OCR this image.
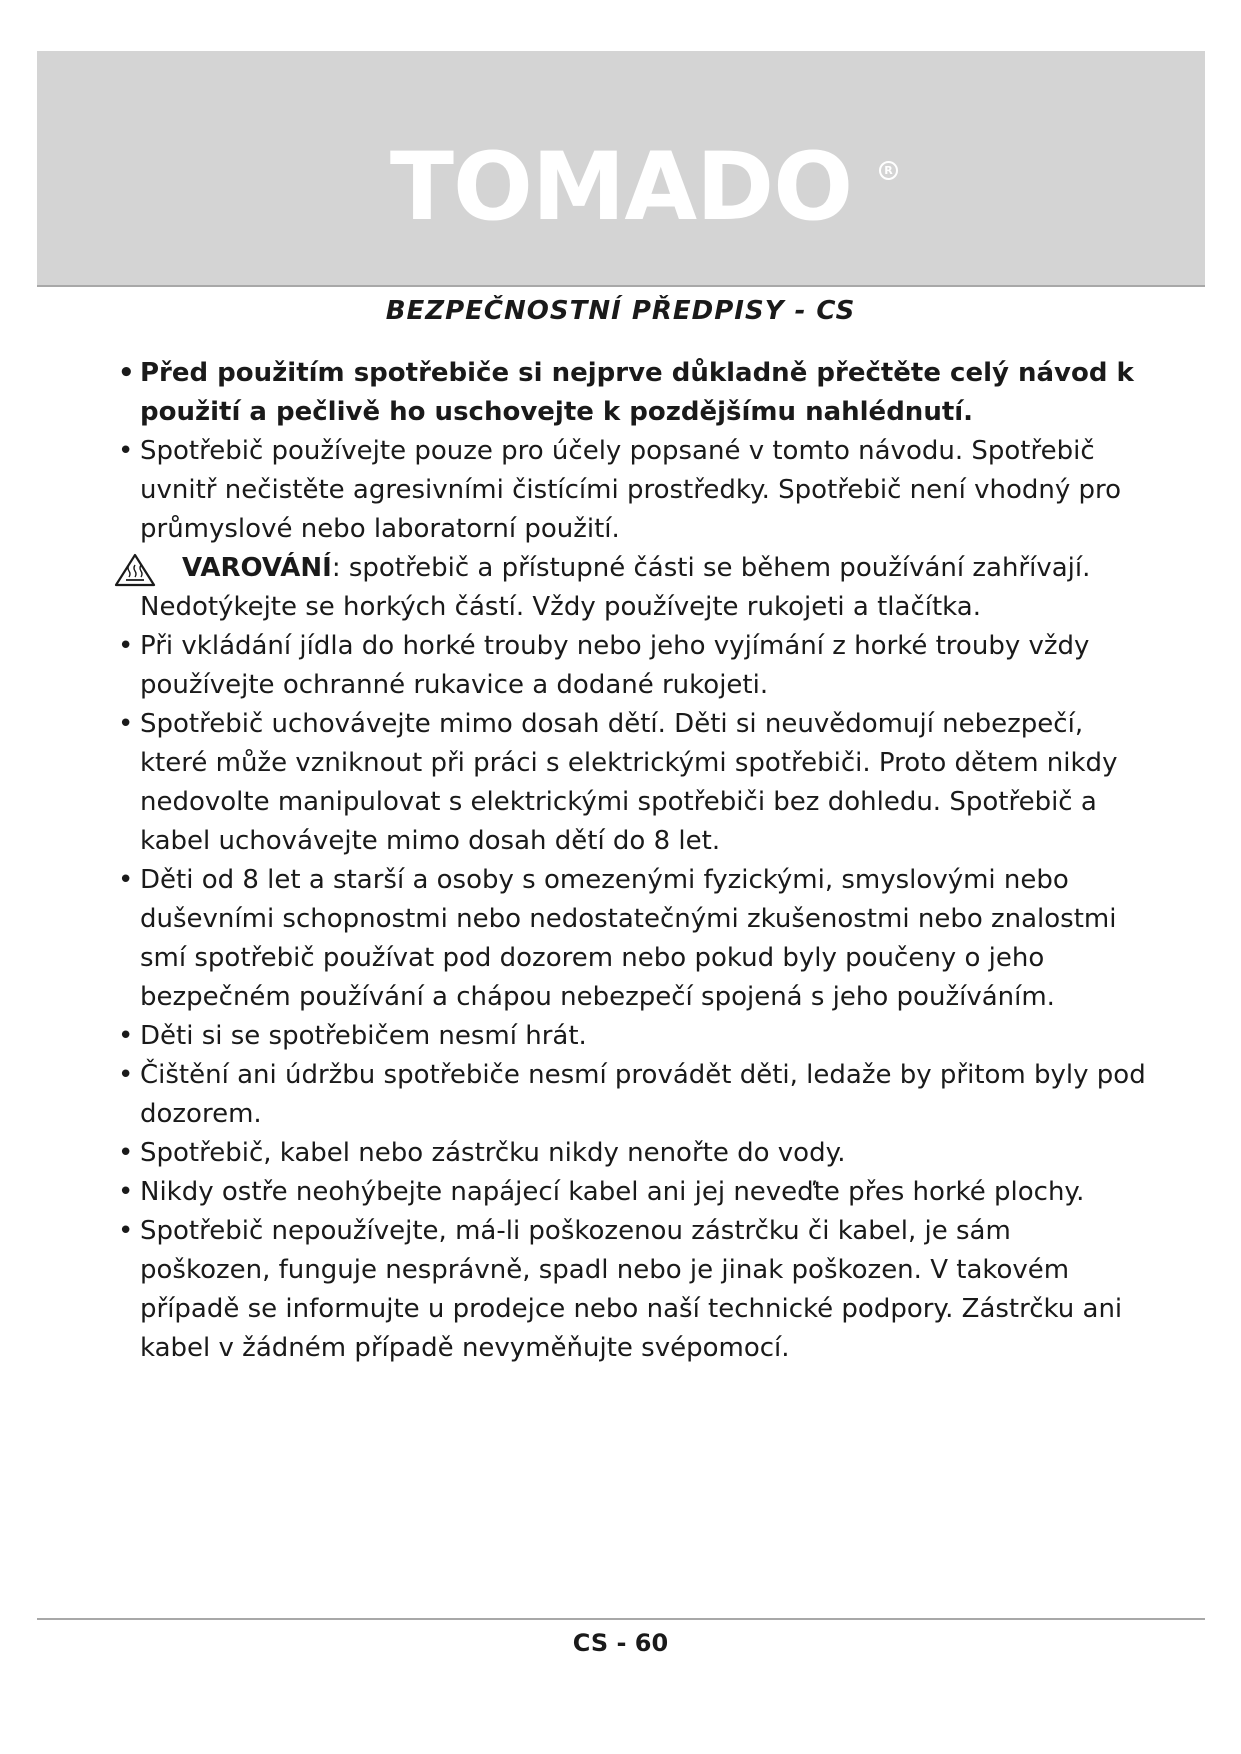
TOMADO	R
BEZPEČNOSTNÍ PŘEDPISY - CS
• Před použitím spotřebiče si nejprve důkladně přečtěte celý návod k použití a pečlivě ho uschovejte k pozdějšímu nahlédnutí.
• Spotřebič používejte pouze pro účely popsané v tomto návodu. Spotřebič uvnitř nečistěte agresivními čistícími prostředky. Spotřebič není vhodný pro průmyslové nebo laboratorní použití.
VAROVÁNÍ: spotřebič a přístupné části se během používání zahřívají. Nedotýkejte se horkých částí. Vždy používejte rukojeti a tlačítka.
• Při vkládání jídla do horké trouby nebo jeho vyjímání z horké trouby vždy používejte ochranné rukavice a dodané rukojeti.
• Spotřebič uchovávejte mimo dosah dětí. Děti si neuvědomují nebezpečí, které může vzniknout při práci s elektrickými spotřebiči. Proto dětem nikdy nedovolte manipulovat s elektrickými spotřebiči bez dohledu. Spotřebič a kabel uchovávejte mimo dosah dětí do 8 let.
• Děti od 8 let a starší a osoby s omezenými fyzickými, smyslovými nebo duševními schopnostmi nebo nedostatečnými zkušenostmi nebo znalostmi smí spotřebič používat pod dozorem nebo pokud byly poučeny o jeho bezpečném používání a chápou nebezpečí spojená s jeho používáním.
• Děti si se spotřebičem nesmí hrát.
• Čištění ani údržbu spotřebiče nesmí provádět děti, ledaže by přitom byly pod dozorem.
• Spotřebič, kabel nebo zástrčku nikdy nenořte do vody.
• Nikdy ostře neohýbejte napájecí kabel ani jej neveďte přes horké plochy.
• Spotřebič nepoužívejte, má-li poškozenou zástrčku či kabel, je sám poškozen, funguje nesprávně, spadl nebo je jinak poškozen. V takovém případě se informujte u prodejce nebo naší technické podpory. Zástrčku ani kabel v žádném případě nevyměňujte svépomocí.
CS - 60
